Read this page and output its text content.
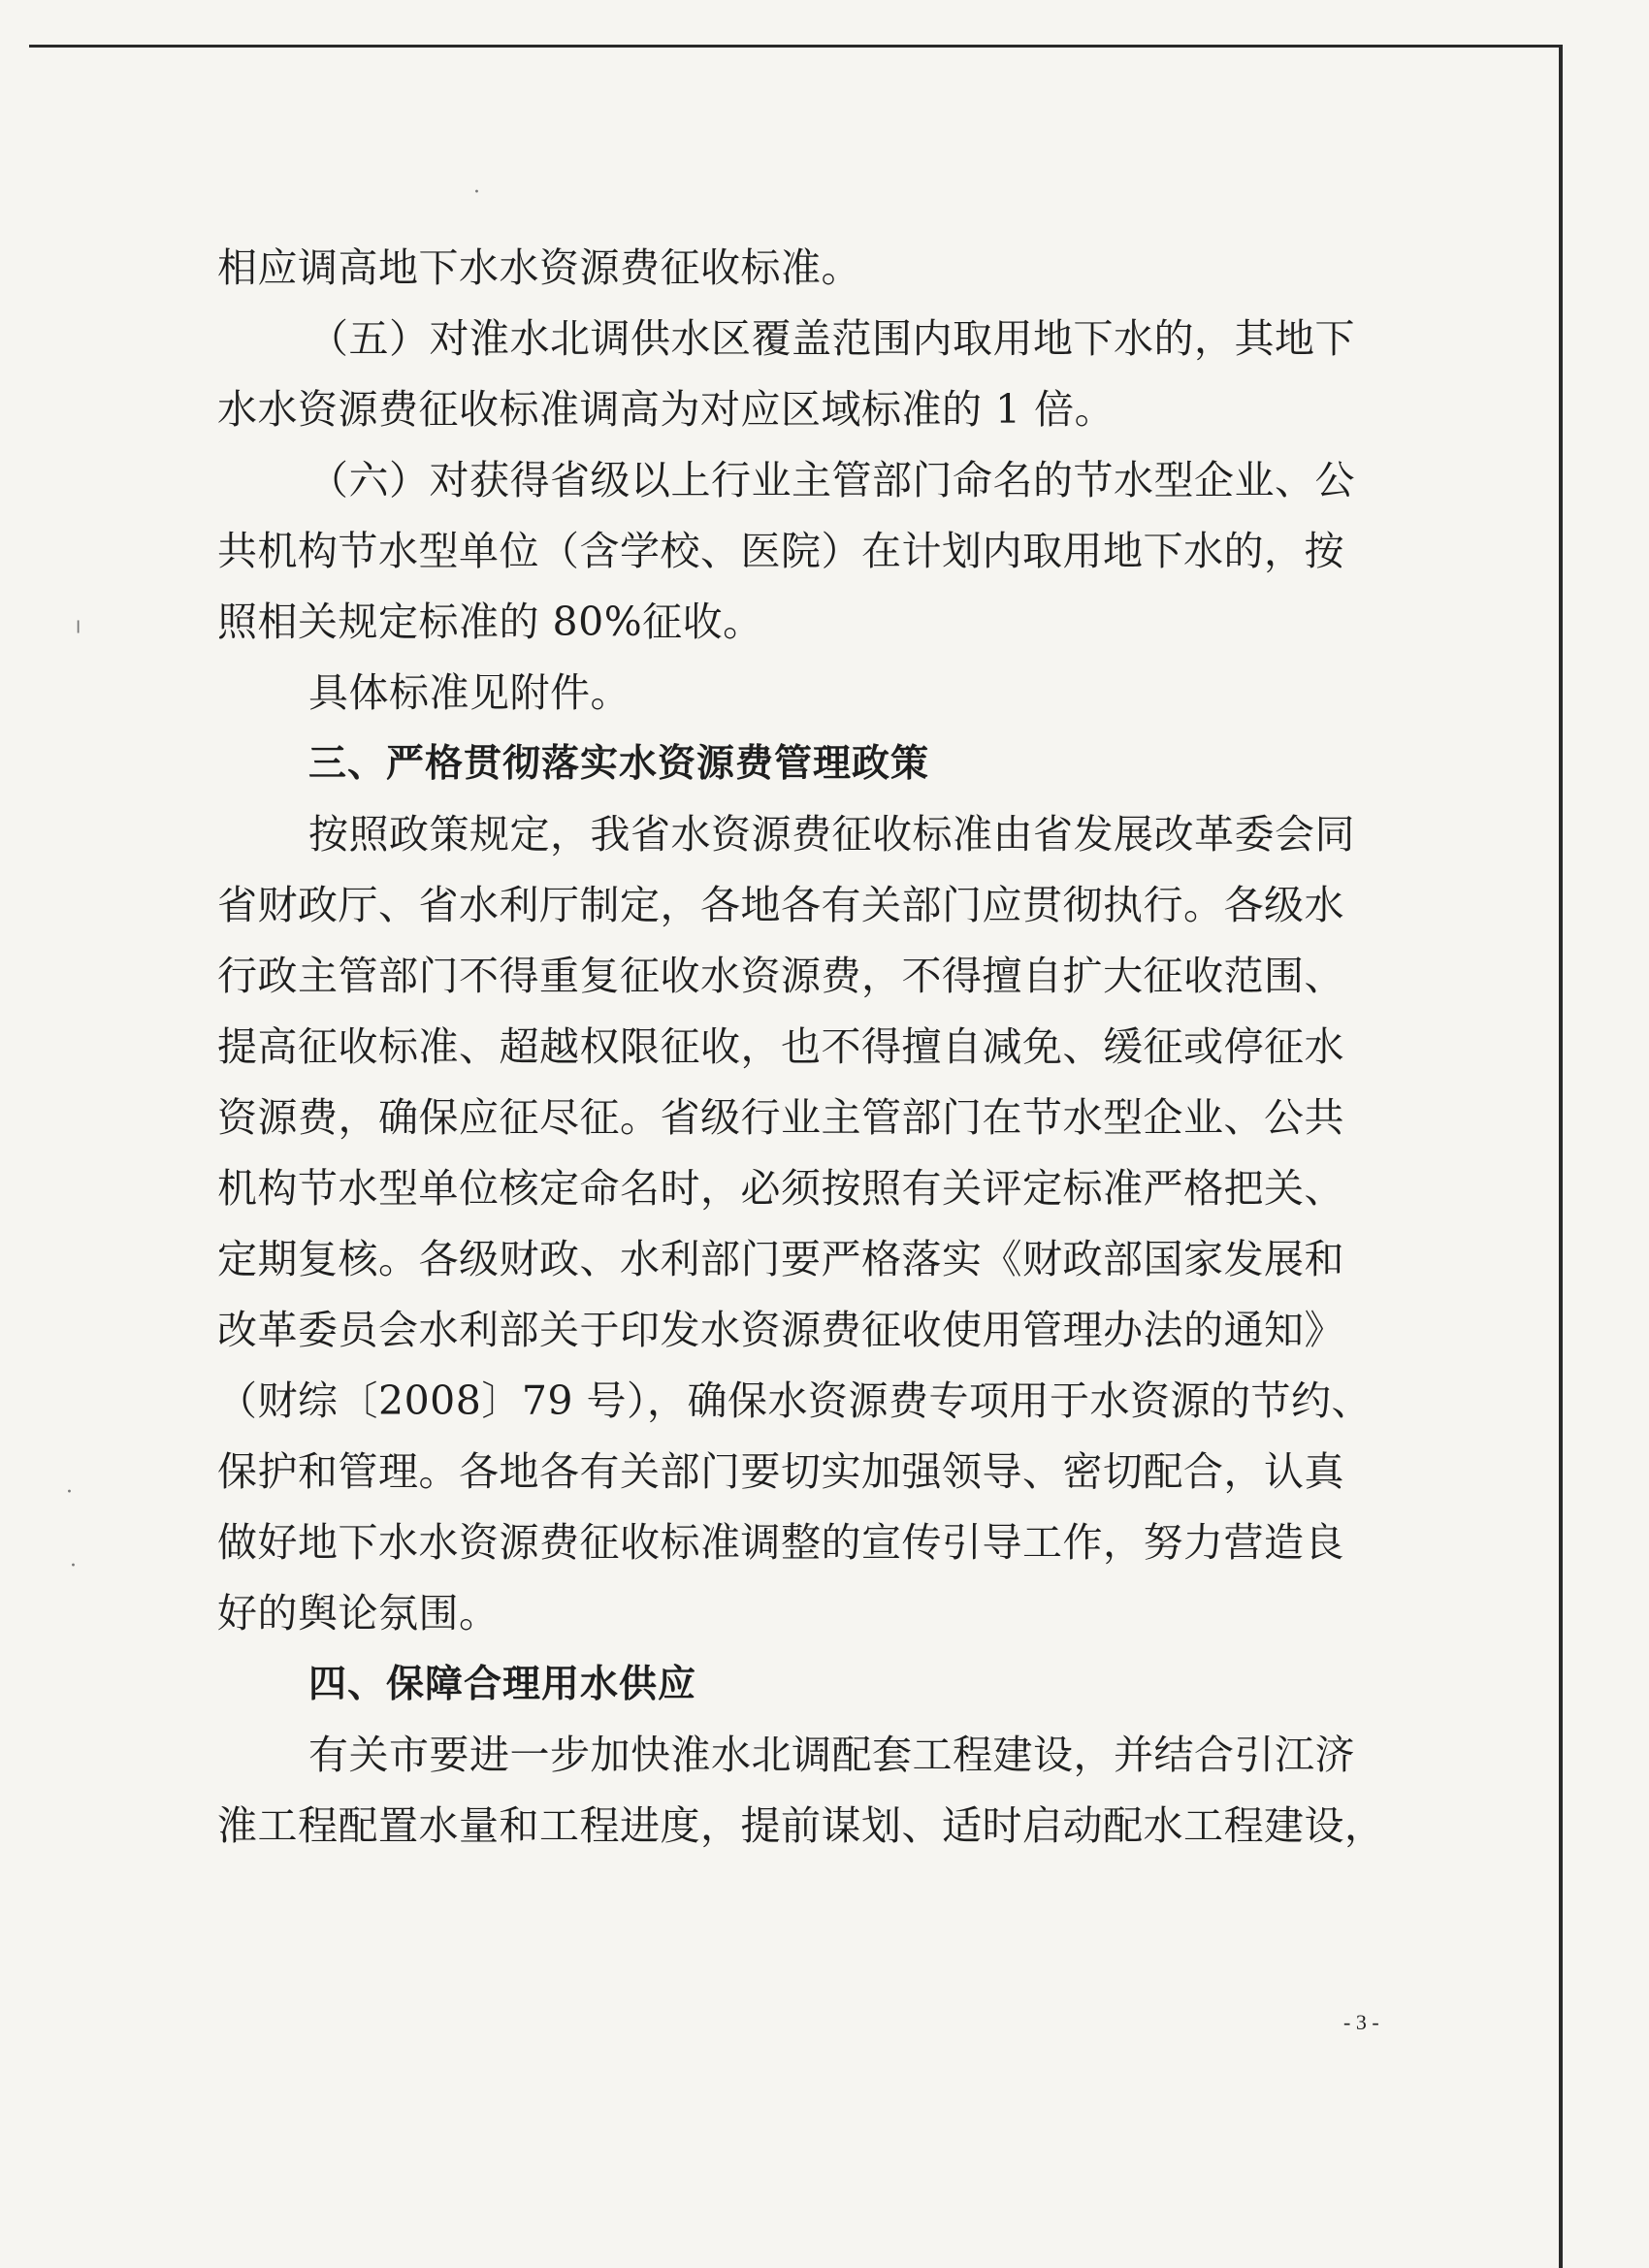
·
╷
·
·
相应调高地下水水资源费征收标准。
（五）对淮水北调供水区覆盖范围内取用地下水的，其地下
水水资源费征收标准调高为对应区域标准的 1 倍。
（六）对获得省级以上行业主管部门命名的节水型企业、公
共机构节水型单位（含学校、医院）在计划内取用地下水的，按
照相关规定标准的 80%征收。
具体标准见附件。
三、严格贯彻落实水资源费管理政策
按照政策规定，我省水资源费征收标准由省发展改革委会同
省财政厅、省水利厅制定，各地各有关部门应贯彻执行。各级水
行政主管部门不得重复征收水资源费，不得擅自扩大征收范围、
提高征收标准、超越权限征收，也不得擅自减免、缓征或停征水
资源费，确保应征尽征。省级行业主管部门在节水型企业、公共
机构节水型单位核定命名时，必须按照有关评定标准严格把关、
定期复核。各级财政、水利部门要严格落实《财政部国家发展和
改革委员会水利部关于印发水资源费征收使用管理办法的通知》
（财综〔2008〕79 号），确保水资源费专项用于水资源的节约、
保护和管理。各地各有关部门要切实加强领导、密切配合，认真
做好地下水水资源费征收标准调整的宣传引导工作，努力营造良
好的舆论氛围。
四、保障合理用水供应
有关市要进一步加快淮水北调配套工程建设，并结合引江济
淮工程配置水量和工程进度，提前谋划、适时启动配水工程建设，
- 3 -
